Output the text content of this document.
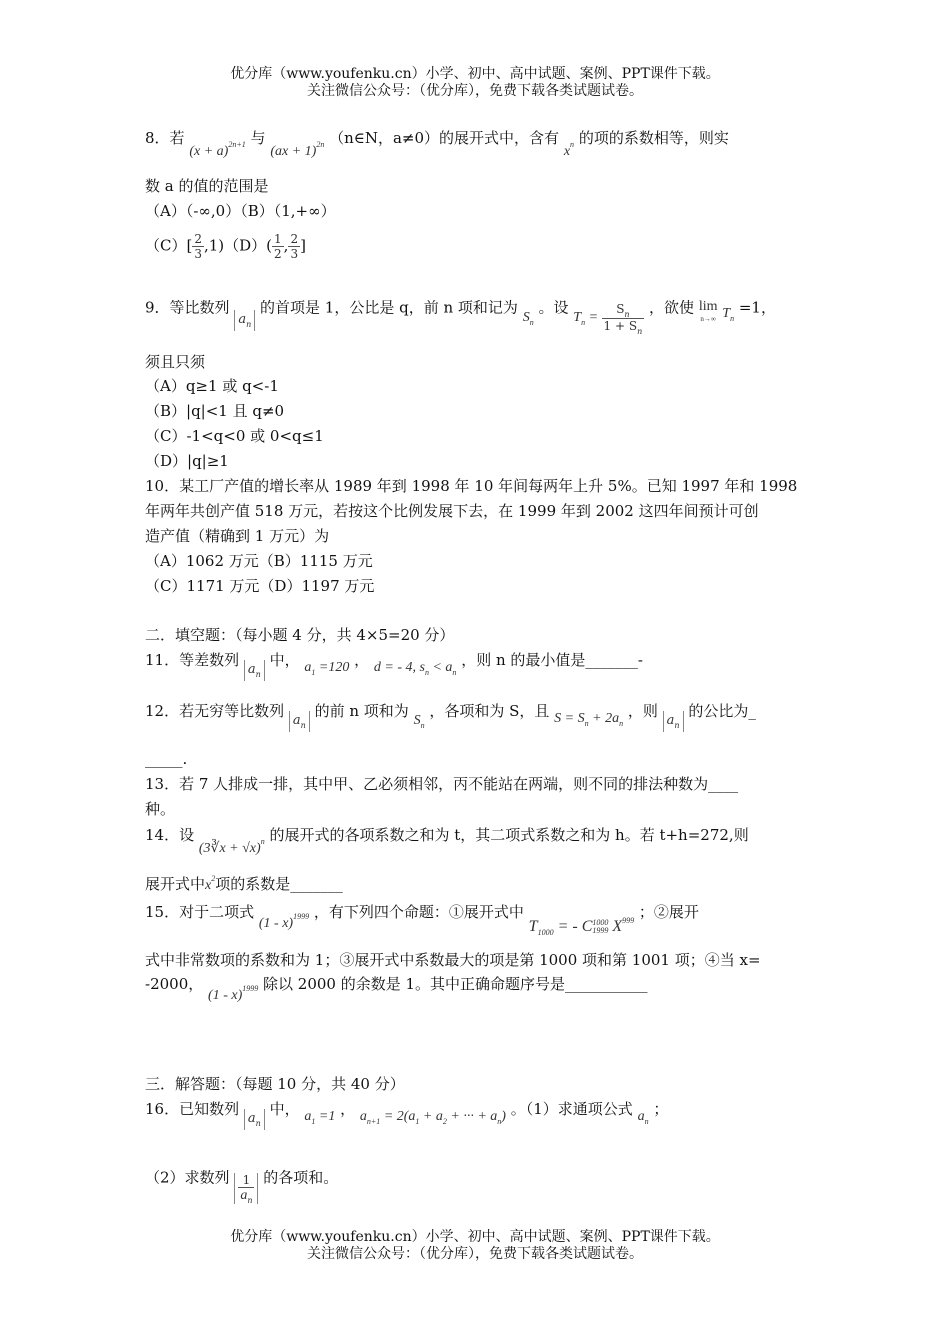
优分库（www.youfenku.cn）小学、初中、高中试题、案例、PPT课件下载。
关注微信公众号：（优分库），免费下载各类试题试卷。
8．若 $(x + a)^{2n+1}$ 与 (ax + 1)$^{2n}$ （n∈N，a≠0）的展开式中，含有 $x^n$ 的项的系数相等，则实
数 a 的值的范围是
（A）（-∞,0）（B）（1,+∞）
$(C)[ \frac{2}{3} ,1)(D)( \frac{1}{2}$ , $\frac{2}{3}$ ]
9．等比数列 $a_n$ 的首项是 1，公比是 q，前 n 项和记为 $S_n$ 。设 $T_n = \frac{S_n}{1 + S_n}$ ，欲使 lim
n→∞ $T_n =1$，
须且只须
（A）q≥1 或 q<-1
（B）|q|<1 且 q≠0
（C）-1<q<0 或 0<q≤1
（D）|q|≥1
10．某工厂产值的增长率从 1989 年到 1998 年 10 年间每两年上升 5%。已知 1997 年和 1998
年两年共创产值 518 万元，若按这个比例发展下去，在 1999 年到 2002 这四年间预计可创
造产值（精确到 1 万元）为
（A）1062 万元（B）1115 万元
（C）1171 万元（D）1197 万元
二．填空题：（每小题 4 分，共 4×5=20 分）
11．等差数列 $a_n$ 中， $a_1 =120$ ， d = - 4, $s_n < a_n$ ，则 n 的最小值是_______-
12．若无穷等比数列 $a_n$ 的前 n 项和为 $S_n$ ，各项和为 S，且 $S = S_n + 2a_n$ ，则 $a_n$ 的公比为_
_____.
13．若 7 人排成一排，其中甲、乙必须相邻，丙不能站在两端，则不同的排法种数为____
种。
14．设 (3∛x + √x)$^n$ 的展开式的各项系数之和为 t，其二项式系数之和为 h。若 t+h=272,则
展开式中$x^2$项的系数是_______
15．对于二项式 (1 - x)$^{1999}$ ，有下列四个命题：①展开式中 $T_{1000}$ = - C 1000
1999 $X^{999}$ ；②展开
式中非常数项的系数和为 1；③展开式中系数最大的项是第 1000 项和第 1001 项；④当 x=
-2000， (1 - x)$^{1999}$ 除以 2000 的余数是 1。其中正确命题序号是___________
三．解答题：（每题 10 分，共 40 分）
16．已知数列 $a_n$ 中， $a_1 =1$ ， $a_{n+1} = 2(a_1 + a_2$ + ··· + $a_n$) 。（1）求通项公式 $a_n$ ；
（2）求数列 $\frac{1}{a_n}$ 的各项和。
优分库（www.youfenku.cn）小学、初中、高中试题、案例、PPT课件下载。
关注微信公众号：（优分库），免费下载各类试题试卷。
